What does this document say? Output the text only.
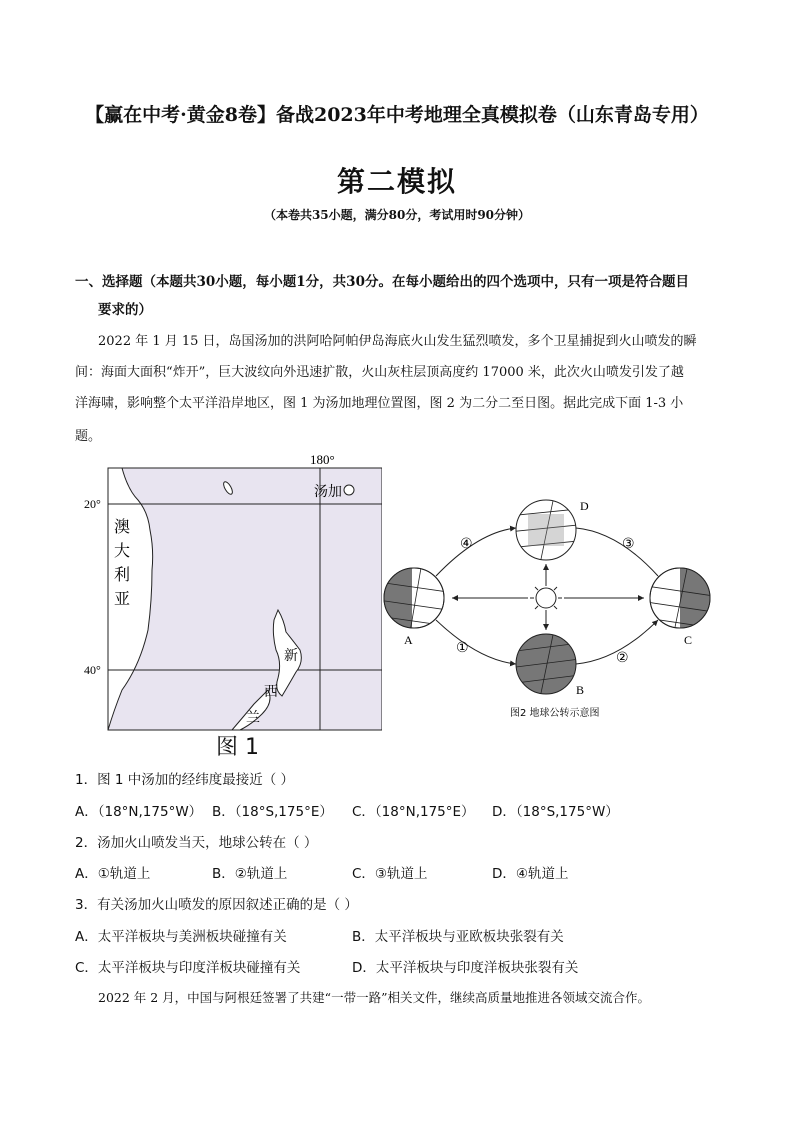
【赢在中考·黄金8卷】备战2023年中考地理全真模拟卷（山东青岛专用）
第二模拟
（本卷共35小题，满分80分，考试用时90分钟）
一、选择题（本题共30小题，每小题1分，共30分。在每小题给出的四个选项中，只有一项是符合题目
要求的）
2022 年 1 月 15 日，岛国汤加的洪阿哈阿帕伊岛海底火山发生猛烈喷发，多个卫星捕捉到火山喷发的瞬
间：海面大面积“炸开”，巨大波纹向外迅速扩散，火山灰柱层顶高度约 17000 米，此次火山喷发引发了越
洋海啸，影响整个太平洋沿岸地区，图 1 为汤加地理位置图，图 2 为二分二至日图。据此完成下面 1-3 小
题。
180°
20°
40°
汤加
澳
大
利
亚
新
西
兰
图 1
A
B
C
D
①
②
③
④
图2 地球公转示意图
1．图 1 中汤加的经纬度最接近（ ）
A．（18°N,175°W） B．（18°S,175°E） C．（18°N,175°E） D．（18°S,175°W）
2．汤加火山喷发当天，地球公转在（ ）
A．①轨道上	B．②轨道上	C．③轨道上	D．④轨道上
3．有关汤加火山喷发的原因叙述正确的是（ ）
A．太平洋板块与美洲板块碰撞有关	B．太平洋板块与亚欧板块张裂有关
C．太平洋板块与印度洋板块碰撞有关	D．太平洋板块与印度洋板块张裂有关
2022 年 2 月，中国与阿根廷签署了共建“一带一路”相关文件，继续高质量地推进各领域交流合作。
